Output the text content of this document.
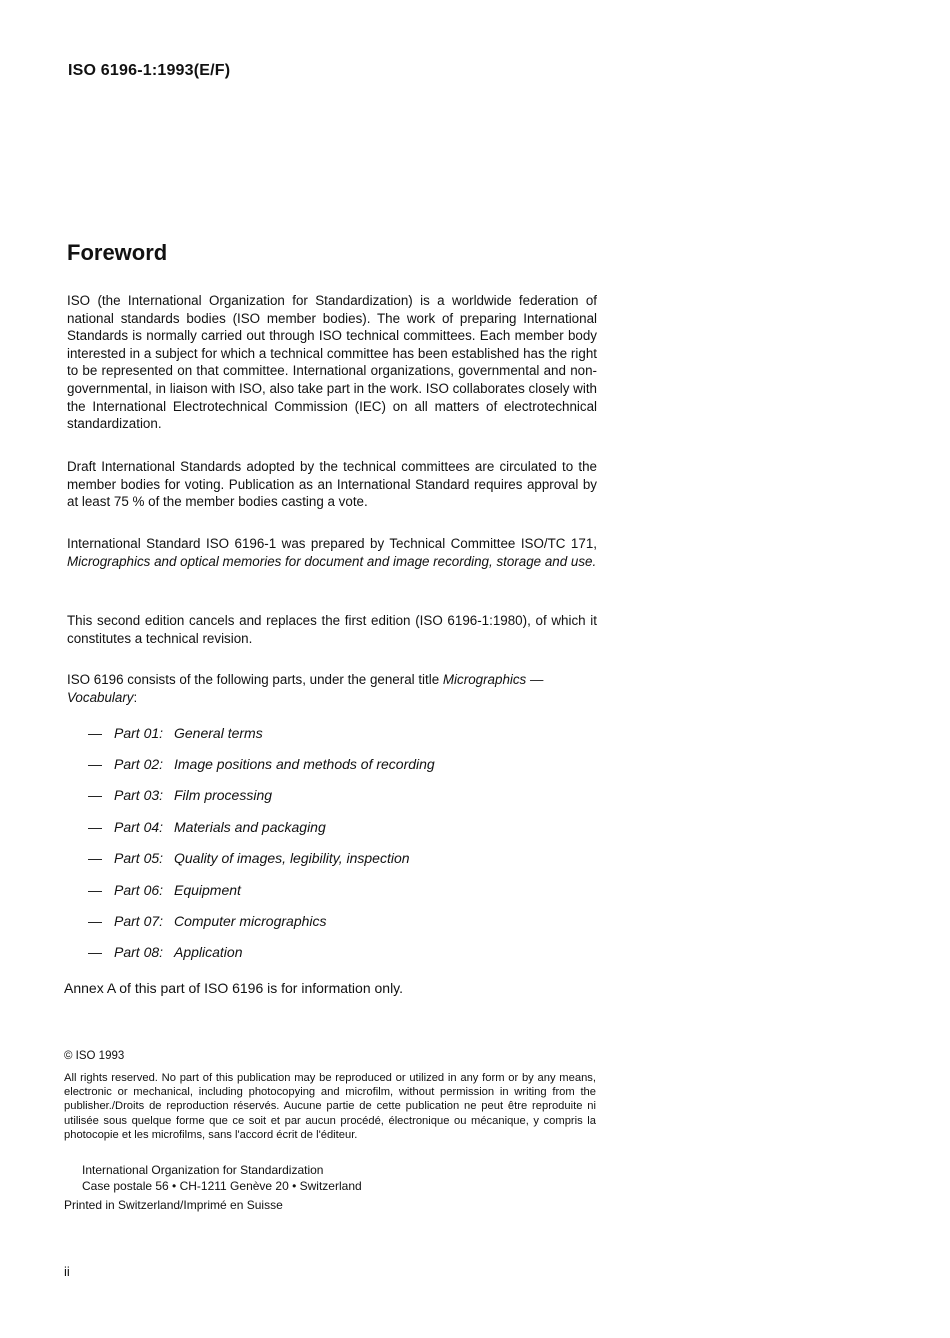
ISO 6196-1:1993(E/F)
Foreword

ISO (the International Organization for Standardization) is a worldwide federation of national standards bodies (ISO member bodies). The work of preparing International Standards is normally carried out through ISO technical committees. Each member body interested in a subject for which a technical committee has been established has the right to be represented on that committee. International organizations, governmental and non-governmental, in liaison with ISO, also take part in the work. ISO collaborates closely with the International Electrotechnical Commission (IEC) on all matters of electrotechnical standardization.

Draft International Standards adopted by the technical committees are circulated to the member bodies for voting. Publication as an International Standard requires approval by at least 75 % of the member bodies casting a vote.

International Standard ISO 6196-1 was prepared by Technical Committee ISO/TC 171, Micrographics and optical memories for document and image recording, storage and use.

This second edition cancels and replaces the first edition (ISO 6196-1:1980), of which it constitutes a technical revision.

ISO 6196 consists of the following parts, under the general title Micrographics — Vocabulary:

— Part 01: General terms
— Part 02: Image positions and methods of recording
— Part 03: Film processing
— Part 04: Materials and packaging
— Part 05: Quality of images, legibility, inspection
— Part 06: Equipment
— Part 07: Computer micrographics
— Part 08: Application
Annex A of this part of ISO 6196 is for information only.
© ISO 1993
All rights reserved. No part of this publication may be reproduced or utilized in any form or by any means, electronic or mechanical, including photocopying and microfilm, without permission in writing from the publisher./Droits de reproduction réservés. Aucune partie de cette publication ne peut être reproduite ni utilisée sous quelque forme que ce soit et par aucun procédé, électronique ou mécanique, y compris la photocopie et les microfilms, sans l'accord écrit de l'éditeur.
International Organization for Standardization
Case postale 56 • CH-1211 Genève 20 • Switzerland
Printed in Switzerland/Imprimé en Suisse
ii
